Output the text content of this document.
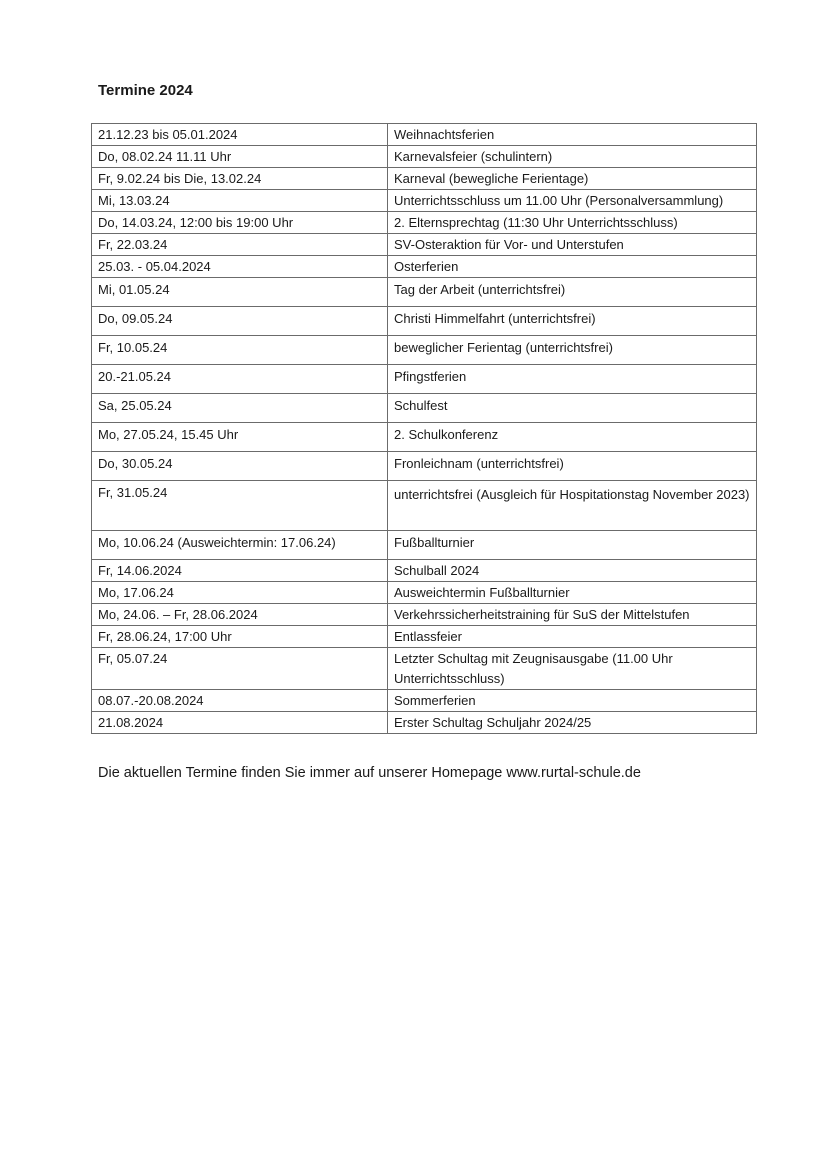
Termine 2024
21.12.23 bis 05.01.2024	Weihnachtsferien
Do, 08.02.24 11.11 Uhr	Karnevalsfeier (schulintern)
Fr, 9.02.24 bis Die, 13.02.24	Karneval (bewegliche Ferientage)
Mi, 13.03.24	Unterrichtsschluss um 11.00 Uhr (Personalversammlung)
Do, 14.03.24, 12:00 bis 19:00 Uhr	2. Elternsprechtag (11:30 Uhr Unterrichtsschluss)
Fr, 22.03.24	SV-Osteraktion für Vor- und Unterstufen
25.03. - 05.04.2024	Osterferien
Mi, 01.05.24	Tag der Arbeit (unterrichtsfrei)
Do, 09.05.24	Christi Himmelfahrt (unterrichtsfrei)
Fr, 10.05.24	beweglicher Ferientag (unterrichtsfrei)
20.-21.05.24	Pfingstferien
Sa, 25.05.24	Schulfest
Mo, 27.05.24, 15.45 Uhr	2. Schulkonferenz
Do, 30.05.24	Fronleichnam (unterrichtsfrei)
Fr, 31.05.24	unterrichtsfrei (Ausgleich für Hospitationstag November 2023)
Mo, 10.06.24 (Ausweichtermin: 17.06.24)	Fußballturnier
Fr, 14.06.2024	Schulball 2024
Mo, 17.06.24	Ausweichtermin Fußballturnier
Mo, 24.06. – Fr, 28.06.2024	Verkehrssicherheitstraining für SuS der Mittelstufen
Fr, 28.06.24, 17:00 Uhr	Entlassfeier
Fr, 05.07.24	Letzter Schultag mit Zeugnisausgabe (11.00 Uhr Unterrichtsschluss)
08.07.-20.08.2024	Sommerferien
21.08.2024	Erster Schultag Schuljahr 2024/25

Die aktuellen Termine finden Sie immer auf unserer Homepage www.rurtal-schule.de
